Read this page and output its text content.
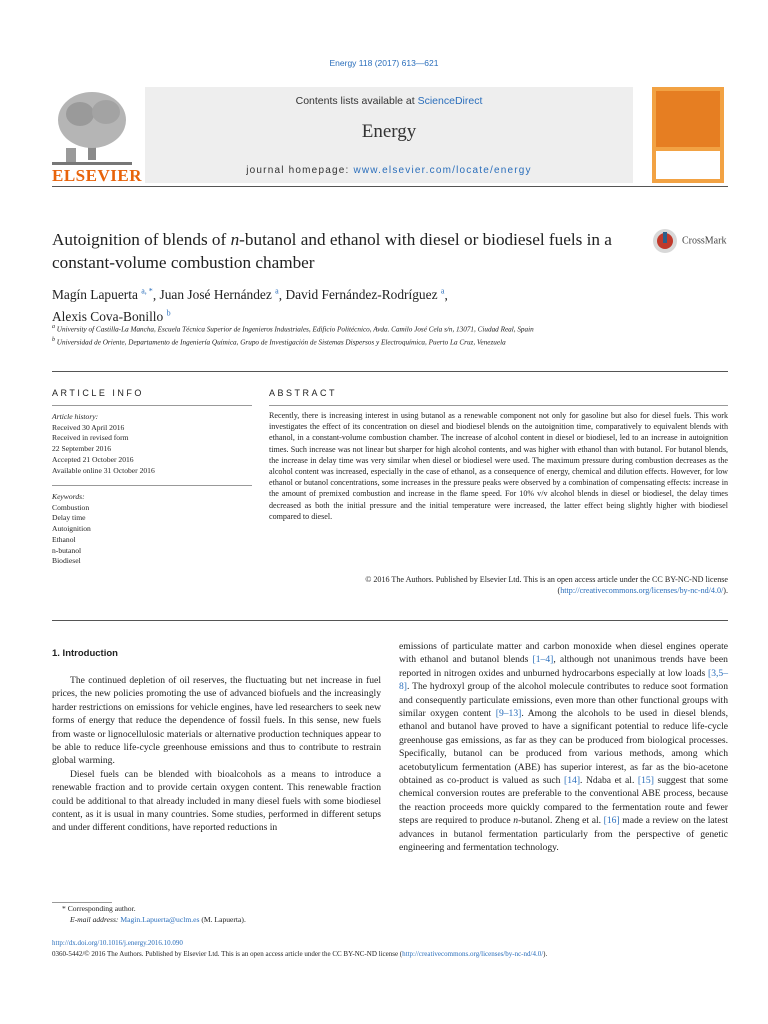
Energy 118 (2017) 613—621
ELSEVIER
Contents lists available at ScienceDirect
Energy
journal homepage: www.elsevier.com/locate/energy
Autoignition of blends of n-butanol and ethanol with diesel or biodiesel fuels in a constant-volume combustion chamber
CrossMark
Magín Lapuerta $^{a, *}$, Juan José Hernández $^a$, David Fernández-Rodríguez $^a$,
Alexis Cova-Bonillo $^b$
$^a$ University of Castilla-La Mancha, Escuela Técnica Superior de Ingenieros Industriales, Edificio Politécnico, Avda. Camilo José Cela s/n, 13071, Ciudad Real, Spain
$^b$ Universidad de Oriente, Departamento de Ingeniería Química, Grupo de Investigación de Sistemas Dispersos y Electroquímica, Puerto La Cruz, Venezuela
ARTICLE INFO	ABSTRACT
Article history:
Received 30 April 2016
Received in revised form
22 September 2016
Accepted 21 October 2016
Available online 31 October 2016
Keywords:
Combustion
Delay time
Autoignition
Ethanol
n-butanol
Biodiesel
Recently, there is increasing interest in using butanol as a renewable component not only for gasoline but also for diesel fuels. This work investigates the effect of its concentration on diesel and biodiesel blends on the autoignition time, comparatively to equivalent blends with ethanol, in a constant-volume combustion chamber. The increase of alcohol content in diesel or biodiesel, led to an increase in autoignition times. Such increase was not linear but sharper for high alcohol contents, and was higher with ethanol than with butanol. For butanol blends, the increase in delay time was very similar when diesel or biodiesel were used. The maximum pressure during combustion decreases as the alcohol content was increased, especially in the case of ethanol, as a consequence of energy, chemical and dilution effects. However, for low ethanol or butanol concentrations, some increases in the pressure peaks were observed by a combination of compensating effects: increase in the amount of premixed combustion and increase in the flame speed. For 10% v/v alcohol blends in diesel or biodiesel, the delay times decreased as both the initial pressure and the initial temperature were increased, the latter effect being slightly higher with biodiesel compared to diesel.
© 2016 The Authors. Published by Elsevier Ltd. This is an open access article under the CC BY-NC-ND license (http://creativecommons.org/licenses/by-nc-nd/4.0/).
1. Introduction

The continued depletion of oil reserves, the fluctuating but net increase in fuel prices, the new policies promoting the use of advanced biofuels and the increasingly harder restrictions on emissions for vehicle engines, have led researchers to seek new forms of energy that reduce the dependence of fossil fuels. In this sense, new fuels from waste or lignocellulosic materials or alternative production techniques appear to be able to reduce life-cycle greenhouse emissions and thus to contribute to restrain global warming.

Diesel fuels can be blended with bioalcohols as a means to introduce a renewable fraction and to provide certain oxygen content. This renewable fraction could be additional to that already included in many diesel fuels with some biodiesel content, as it is usual in many countries. Some studies, performed in different setups and under different conditions, have reported reductions in

emissions of particulate matter and carbon monoxide when diesel engines operate with ethanol and butanol blends [1–4], although not unanimous trends have been reported in nitrogen oxides and unburned hydrocarbons especially at low loads [3,5–8]. The hydroxyl group of the alcohol molecule contributes to reduce soot formation and consequently particulate emissions, even more than other functional groups with similar oxygen content [9–13]. Among the alcohols to be used in diesel blends, ethanol and butanol have proved to have a significant potential to reduce life-cycle greenhouse gas emissions, as far as they can be produced from biological processes. Specifically, butanol can be produced from various methods, among which acetobutylicum fermentation (ABE) has superior interest, as far as the bio-acetone obtained as co-product is valued as such [14]. Ndaba et al. [15] suggest that some chemical conversion routes are preferable to the conventional ABE process, because the reaction proceeds more quickly compared to the fermentation route and fewer steps are required to produce n-butanol. Zheng et al. [16] made a review on the latest advances in butanol fermentation particularly from the perspective of genetic engineering and fermentation technology.
* Corresponding author.
E-mail address: Magin.Lapuerta@uclm.es (M. Lapuerta).
http://dx.doi.org/10.1016/j.energy.2016.10.090
0360-5442/© 2016 The Authors. Published by Elsevier Ltd. This is an open access article under the CC BY-NC-ND license (http://creativecommons.org/licenses/by-nc-nd/4.0/).
